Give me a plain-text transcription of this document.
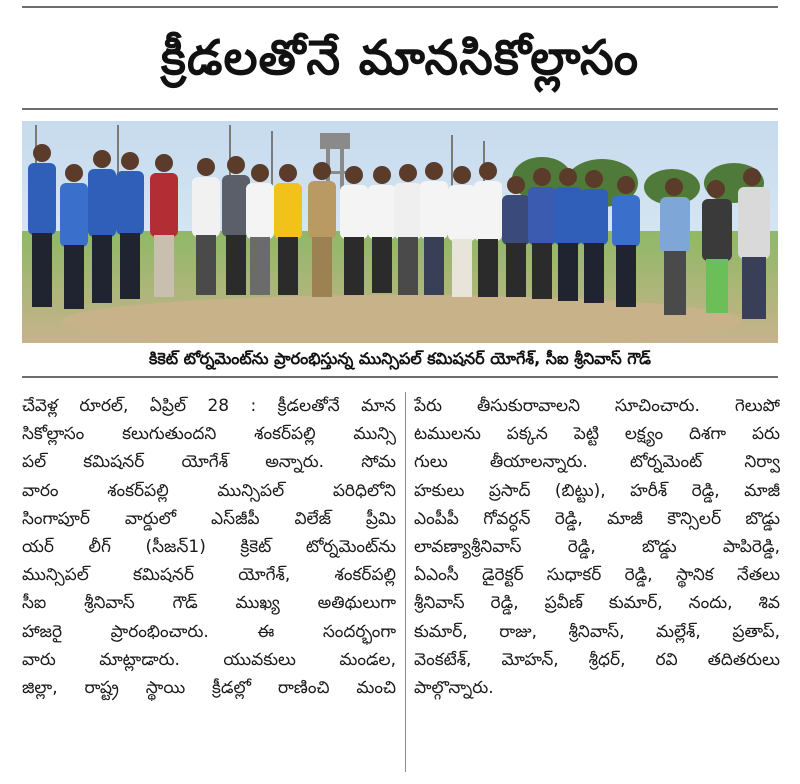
క్రీడలతోనే మానసికోల్లాసం
కికెట్ టోర్నమెంట్‌ను ప్రారంభిస్తున్న మున్సిపల్ కమిషనర్ యోగేశ్, సీఐ శ్రీనివాస్ గౌడ్
చేవెళ్ల రూరల్, ఏప్రిల్ 28 : క్రీడలతోనే మాన
సికోల్లాసం కలుగుతుందని శంకర్‌పల్లి మున్సి
పల్ కమిషనర్ యోగేశ్ అన్నారు. సోమ
వారం శంకర్‌పల్లి మున్సిపల్ పరిధిలోని
సింగాపూర్ వార్డులో ఎస్‌జీపీ విలేజ్ ప్రీమి
యర్ లీగ్ (సీజన్1) క్రికెట్ టోర్నమెంట్‌ను
మున్సిపల్ కమిషనర్ యోగేశ్, శంకర్‌పల్లి
సీఐ శ్రీనివాస్ గౌడ్ ముఖ్య అతిథులుగా
హాజరై ప్రారంభించారు. ఈ సందర్భంగా
వారు మాట్లాడారు. యువకులు మండల,
జిల్లా, రాష్ట్ర స్థాయి క్రీడల్లో రాణించి మంచి
పేరు తీసుకురావాలని సూచించారు. గెలుపో
టములను పక్కన పెట్టి లక్ష్యం దిశగా పరు
గులు తీయాలన్నారు. టోర్నమెంట్ నిర్వా
హకులు ప్రసాద్ (బిట్టు), హరీశ్ రెడ్డి, మాజీ
ఎంపీపీ గోవర్ధన్ రెడ్డి, మాజీ కౌన్సిలర్ బొడ్డు
లావణ్యాశ్రీనివాస్ రెడ్డి, బొడ్డు పాపిరెడ్డి,
ఏఎంసీ డైరెక్టర్ సుధాకర్ రెడ్డి, స్థానిక నేతలు
శ్రీనివాస్ రెడ్డి, ప్రవీణ్ కుమార్, నందు, శివ
కుమార్, రాజు, శ్రీనివాస్, మల్లేశ్, ప్రతాప్,
వెంకటేశ్, మోహన్, శ్రీధర్, రవి తదితరులు
పాల్గొన్నారు.
